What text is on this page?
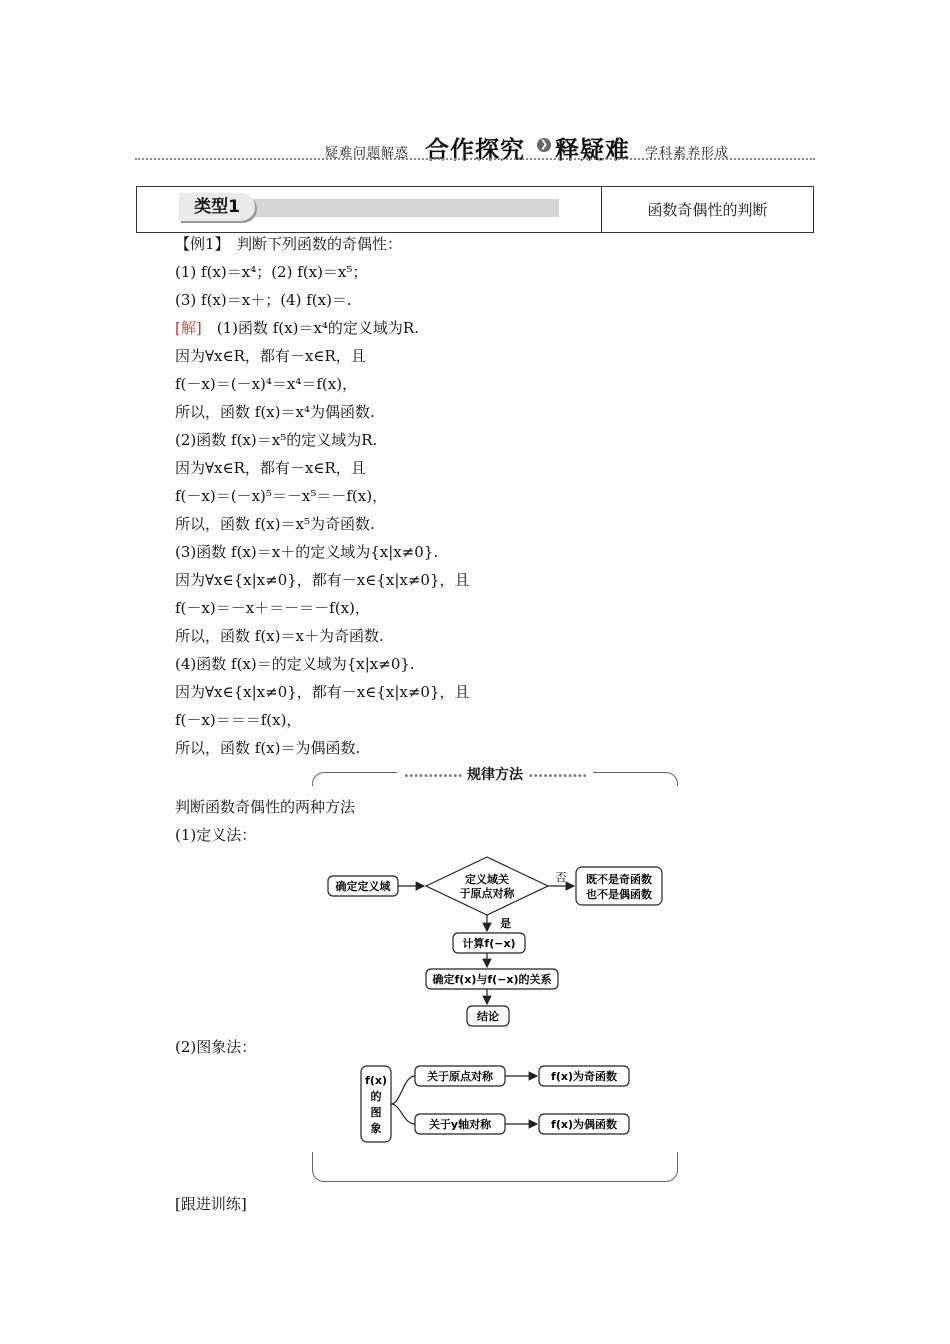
疑难问题解惑 合作探究 ❯ 释疑难 学科素养形成
类型1	函数奇偶性的判断
【例1】　判断下列函数的奇偶性：
(1) f(x)＝x⁴；(2) f(x)＝x⁵；
(3) f(x)＝x＋；(4) f(x)＝.
[解]　(1)函数 f(x)＝x⁴的定义域为R.
因为∀x∈R，都有－x∈R，且
f(－x)＝(－x)⁴＝x⁴＝f(x)，
所以，函数 f(x)＝x⁴为偶函数.
(2)函数 f(x)＝x⁵的定义域为R.
因为∀x∈R，都有－x∈R，且
f(－x)＝(－x)⁵＝－x⁵＝－f(x)，
所以，函数 f(x)＝x⁵为奇函数.
(3)函数 f(x)＝x＋的定义域为{x|x≠0}.
因为∀x∈{x|x≠0}，都有－x∈{x|x≠0}，且
f(－x)＝－x＋＝－＝－f(x)，
所以，函数 f(x)＝x＋为奇函数.
(4)函数 f(x)＝的定义域为{x|x≠0}.
因为∀x∈{x|x≠0}，都有－x∈{x|x≠0}，且
f(－x)＝＝＝f(x)，
所以，函数 f(x)＝为偶函数.
•••••••••••• 规律方法 ••••••••••••
判断函数奇偶性的两种方法
(1)定义法：
确定定义域
定义域关
于原点对称
否 既不是奇函数
也不是偶函数
是
计算f(−x)
确定f(x)与f(−x)的关系
结论
(2)图象法：
f(x)
的
图
象
关于原点对称	f(x)为奇函数
关于y轴对称	f(x)为偶函数
[跟进训练]
